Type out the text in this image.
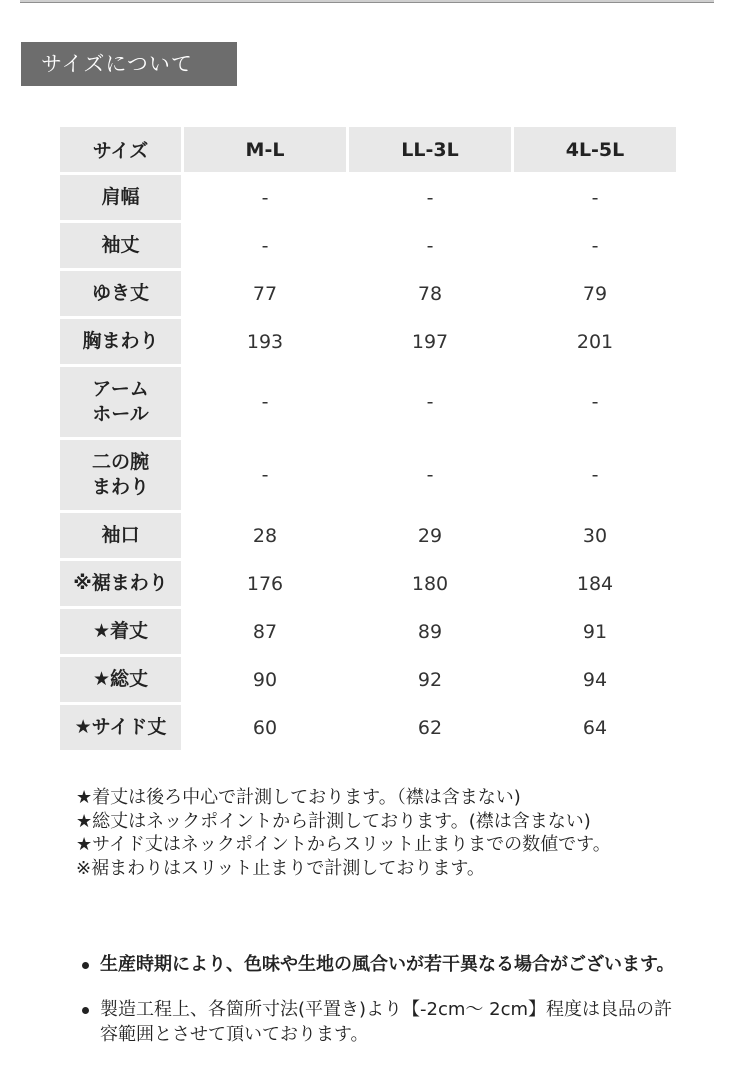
サイズについて
サイズ	M-L	LL-3L	4L-5L
肩幅	-	-	-
袖丈	-	-	-
ゆき丈	77	78	79
胸まわり	193	197	201
アーム
ホール	-	-	-
二の腕
まわり	-	-	-
袖口	28	29	30
※裾まわり	176	180	184
★着丈	87	89	91
★総丈	90	92	94
★サイド丈	60	62	64

★着丈は後ろ中心で計測しております。（襟は含まない)

★総丈はネックポイントから計測しております。(襟は含まない)

★サイド丈はネックポイントからスリット止まりまでの数値です。

※裾まわりはスリット止まりで計測しております。

生産時期により、色味や生地の風合いが若干異なる場合がございます。
製造工程上、各箇所寸法(平置き)より【-2cm～ 2cm】程度は良品の許容範囲とさせて頂いております。
